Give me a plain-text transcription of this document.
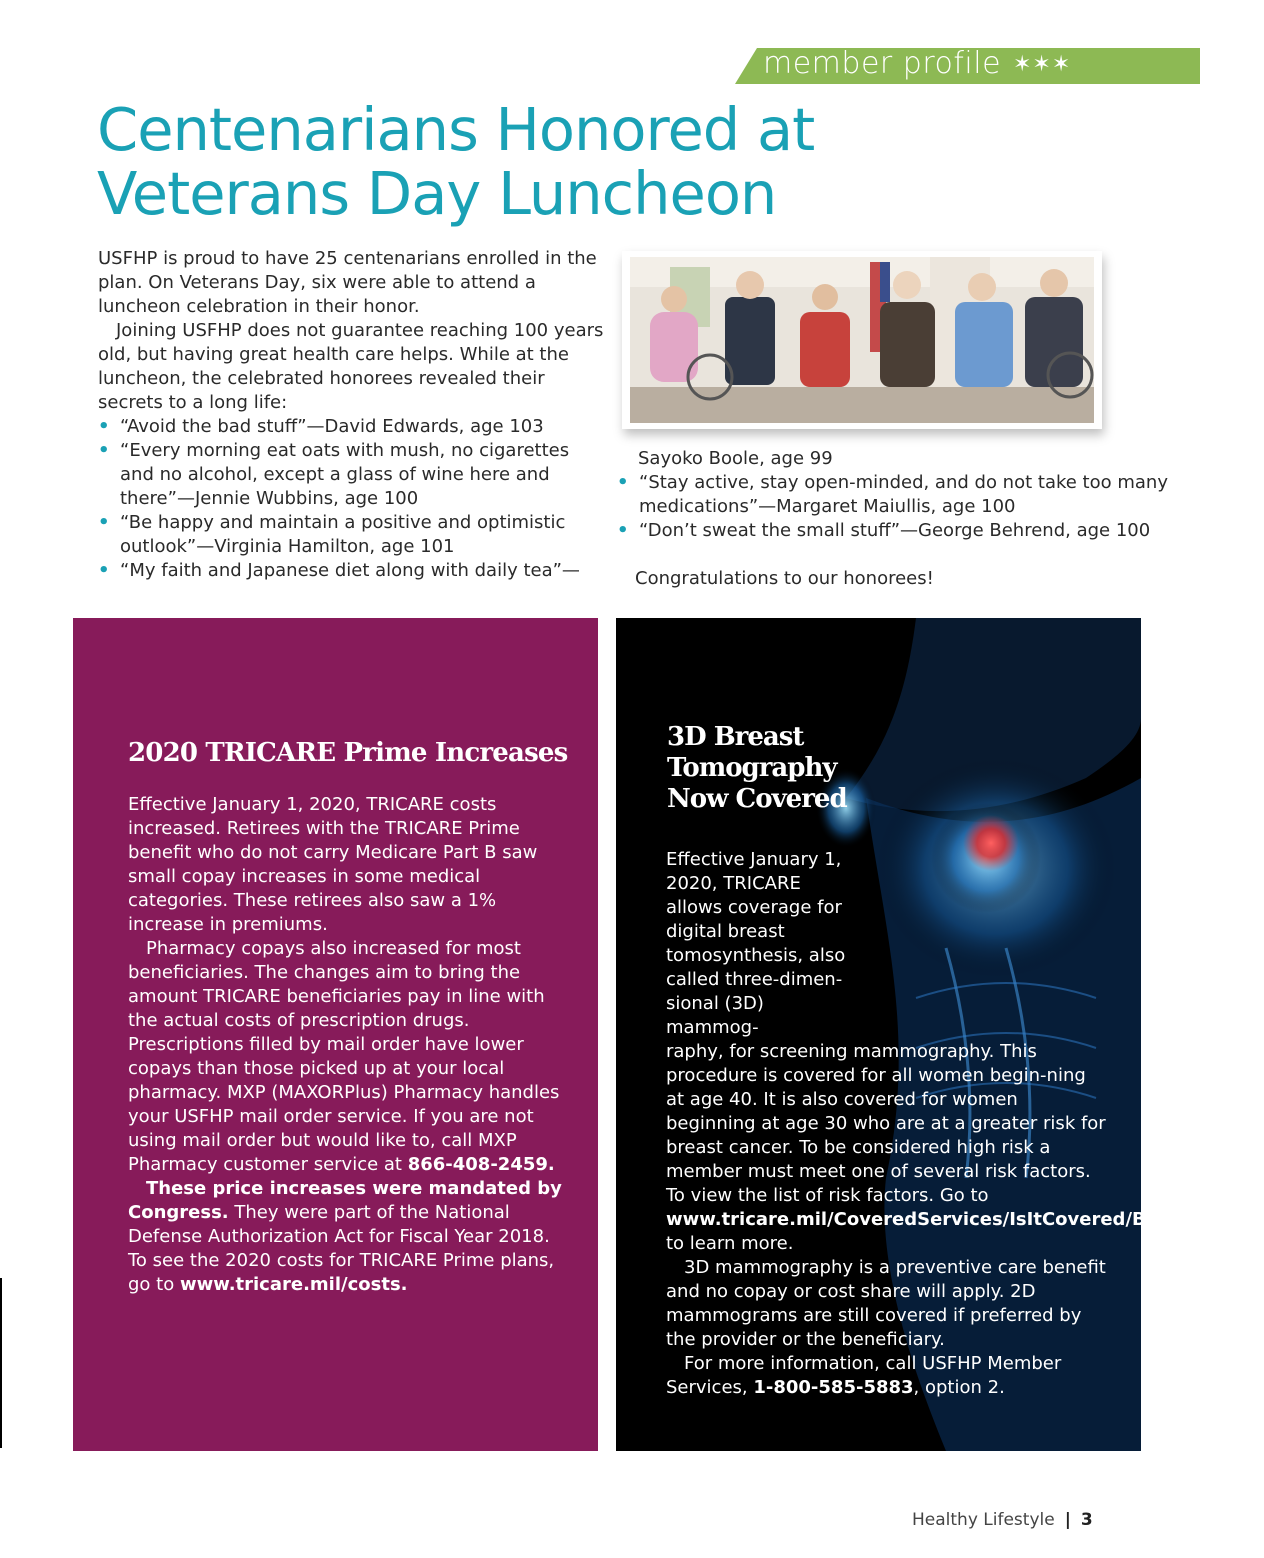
member profile ✶✶✶
Centenarians Honored at
Veterans Day Luncheon

USFHP is proud to have 25 centenarians enrolled in the plan. On Veterans Day, six were able to attend a luncheon celebration in their honor.

Joining USFHP does not guarantee reaching 100 years old, but having great health care helps. While at the luncheon, the celebrated honorees revealed their secrets to a long life:

• “Avoid the bad stuff”—David Edwards, age 103
• “Every morning eat oats with mush, no cigarettes and no alcohol, except a glass of wine here and there”—Jennie Wubbins, age 100
• “Be happy and maintain a positive and optimistic outlook”—Virginia Hamilton, age 101
• “My faith and Japanese diet along with daily tea”—

Sayoko Boole, age 99

• “Stay active, stay open-minded, and do not take too many medications”—Margaret Maiullis, age 100
• “Don’t sweat the small stuff”—George Behrend, age 100

Congratulations to our honorees!

2020 TRICARE Prime Increases

Effective January 1, 2020, TRICARE costs increased. Retirees with the TRICARE Prime benefit who do not carry Medicare Part B saw small copay increases in some medical categories. These retirees also saw a 1% increase in premiums.

Pharmacy copays also increased for most beneficiaries. The changes aim to bring the amount TRICARE beneficiaries pay in line with the actual costs of prescription drugs. Prescriptions filled by mail order have lower copays than those picked up at your local pharmacy. MXP (MAXORPlus) Pharmacy handles your USFHP mail order service. If you are not using mail order but would like to, call MXP Pharmacy customer service at 866-408-2459.

These price increases were mandated by Congress. They were part of the National Defense Authorization Act for Fiscal Year 2018. To see the 2020 costs for TRICARE Prime plans, go to www.tricare.mil/costs.

3D Breast
Tomography
Now Covered

Effective January 1, 2020, TRICARE allows coverage for digital breast tomosynthesis, also called three-dimen-sional (3D) mammog-

raphy, for screening mammography. This procedure is covered for all women begin-ning at age 40. It is also covered for women beginning at age 30 who are at a greater risk for breast cancer. To be considered high risk a member must meet one of several risk factors. To view the list of risk factors. Go to www.tricare.mil/CoveredServices/IsItCovered/BreastExams to learn more.

3D mammography is a preventive care benefit and no copay or cost share will apply. 2D mammograms are still covered if preferred by the provider or the beneficiary.

For more information, call USFHP Member Services, 1-800-585-5883, option 2.

Healthy Lifestyle | 3
